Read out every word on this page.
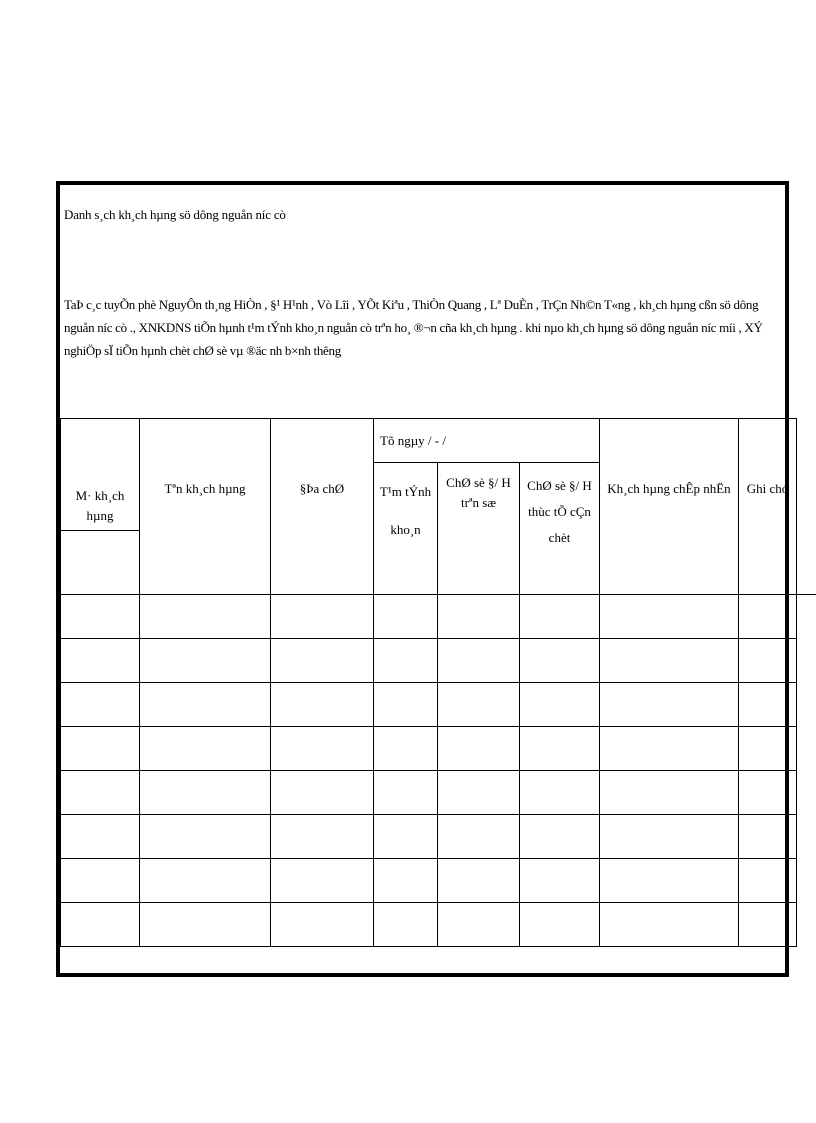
Danh s¸ch kh¸ch hµng sö dông nguån níc cò
TaÞ c¸c tuyÕn phè NguyÔn th¸ng HiÒn , §¹ H¹nh , Vò Lîi , YÕt Kiªu , ThiÒn Quang , Lª DuÈn , TrÇn Nh©n T«ng , kh¸ch hµng cßn sö dông nguån níc cò ., XNKDNS tiÕn hµnh t¹m tÝnh kho¸n nguån cò trªn ho¸ ®¬n cña kh¸ch hµng . khi nµo kh¸ch hµng sö dông nguån níc míi , XÝ nghiÖp sÏ tiÕn hµnh chèt chØ sè vµ ®äc nh b×nh thêng
M· kh¸ch hµng	Tªn kh¸ch hµng	§Þa chØ	Tõ ngµy / - /			Kh¸ch hµng chÊp nhËn	Ghi chó
			T¹m tÝnh kho¸n	ChØ sè §/ H trªn sæ	ChØ sè §/ H thùc tÕ cÇn chèt		
